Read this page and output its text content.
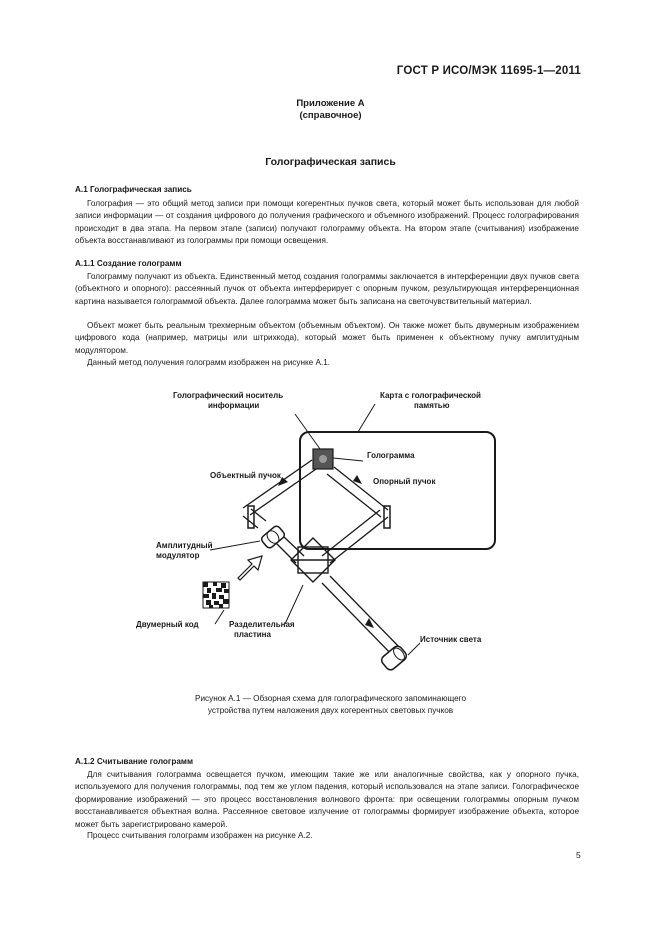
ГОСТ Р ИСО/МЭК 11695-1—2011
Приложение А
(справочное)
Голографическая запись
А.1 Голографическая запись
Голография — это общий метод записи при помощи когерентных пучков света, который может быть использован для любой записи информации — от создания цифрового до получения графического и объемного изображений. Процесс голографирования происходит в два этапа. На первом этапе (записи) получают голограмму объекта. На втором этапе (считывания) изображение объекта восстанавливают из голограммы при помощи освещения.
А.1.1 Создание голограмм
Голограмму получают из объекта. Единственный метод создания голограммы заключается в интерференции двух пучков света (объектного и опорного): рассеянный пучок от объекта интерферирует с опорным пучком, результирующая интерференционная картина называется голограммой объекта. Далее голограмма может быть записана на светочувствительный материал.
Объект может быть реальным трехмерным объектом (объемным объектом). Он также может быть двумерным изображением цифрового кода (например, матрицы или штрихкода), который может быть применен к объектному пучку амплитудным модулятором.
Данный метод получения голограмм изображен на рисунке А.1.
Голографический носитель
информации
Карта с голографической
памятью
Голограмма
Объектный пучок
Опорный пучок
Амплитудный
модулятор
Двумерный код	Разделительная
пластина
Источник света
Рисунок А.1 — Обзорная схема для голографического запоминающего
устройства путем наложения двух когерентных световых пучков
А.1.2 Считывание голограмм
Для считывания голограмма освещается пучком, имеющим такие же или аналогичные свойства, как у опорного пучка, используемого для получения голограммы, под тем же углом падения, который использовался на этапе записи. Голографическое формирование изображений — это процесс восстановления волнового фронта: при освещении голограммы опорным пучком восстанавливается объектная волна. Рассеянное световое излучение от голограммы формирует изображение объекта, которое может быть зарегистрировано камерой.
Процесс считывания голограмм изображен на рисунке А.2.
5
